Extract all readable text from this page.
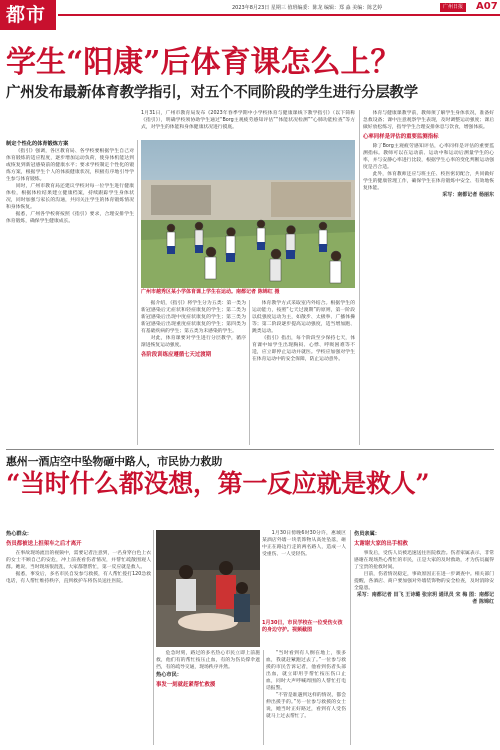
都市	2023年8月23日 星期三 值班编委：陈龙 编辑：郑 淼 美编：陈艺婷	广州日报	A07
学生“阳康”后体育课怎么上？
广州发布最新体育教学指引，对五个不同阶段的学生进行分层教学
制定个性化的体育锻炼方案

《指引》强调，各区教育局、各学校要根据学生自己对体育锻炼的适应程度，逐步增加运动负荷，使身体机能达到或恢复到新冠感染前的健康水平；要求学校制定个性化的锻炼方案，根据学生个人的体质健康状况，积极有序地引导学生参与体育锻炼。

同时，广州市教育局还建议学校对每一位学生进行健康体检，根据体检结果建立健康档案，持续跟踪学生身体状况，同时加强与家长的沟通，共同关注学生的体育锻炼情况和身体恢复。

据悉，广州各学校将按照《指引》要求，合理安排学生体育锻炼，确保学生健康成长。

1月31日，广州市教育局发布《2023年春季学期中小学校体育与健康课线下教学指引》（以下简称《指引》），明确学校须协助学生通过“Borg主观疲劳感知评估”“体能状况检测”“心肺功能检查”等方式，对学生的体能和身体健康状况进行摸底。

广州市越秀区某小学体育课上学生在运动。南都记者 陈锦红 摄

据介绍，《指引》将学生分为五类：第一类为新冠感染后无症状和轻症康复的学生；第二类为新冠感染后出现中度症状康复的学生；第三类为新冠感染后出现重度症状康复的学生；第四类为有基础疾病的学生；第五类为未感染的学生。

对此，体育课要对学生进行分层教学，循序渐进恢复运动强度。

各阶段训练应遵循七天过渡期

体育教学方式采取室内外结合。根据学生的运动能力，按照“七天过渡期”的原则，第一阶段以低强度运动为主，如散步、太极拳、广播体操等；第二阶段逐步提高运动强度，适当增加跑、跳类运动。

《指引》指出，每个阶段至少保持七天，体育课中如学生出现胸闷、心悸、呼吸困难等不适，应立即停止运动并就医。学校应加强对学生在体育运动中的安全保障，防止运动意外。

体育与健康课教学前，教师须了解学生身体状况，准备好急救设备；课中注意观察学生表现，及时调整运动强度；课后做好放松练习，指导学生合理安排休息与饮食，增强体质。

心率同样是评估的重要监测指标

除了Borg主观疲劳感知评估，心率同样是评估的重要监测指标。教师可以在运动前、运动中和运动后测量学生的心率，并与安静心率进行比较，根据学生心率的变化判断运动强度是否合适。

此外，体育教师还应与班主任、校医密切配合，共同做好学生的健康管理工作，确保学生在体育锻炼中安全、有效地恢复体能。

采写：南都记者 杨丽东

惠州一酒店空中坠物砸中路人，市民协力救助
“当时什么都没想，第一反应就是救人”
热心群众：
伤员都被送上担架车之后才离开

在事故现场流出的视频中，需要记者注意到，一名身穿白色上衣的女士不顾自己的安危，冲上前查看伤者情况，并帮忙疏散围观人群。她说，当时现场很混乱，大家都想帮忙，第一反应就是救人。

据悉，事发后，多名市民自发参与救援，有人帮忙拨打120急救电话，有人帮忙维持秩序，直到救护车将伤员送往医院。

1月30日，市民学校在一位受伤女孩的身边守护。视频截图

1月30日傍晚6时30分许，惠城区某酒店外墙一块装饰物从高处坠落，砸中正在路边行走的两名路人，造成一人受重伤、一人受轻伤。

危急时刻，路过的多名热心市民立即上前施救，他们有的帮忙按压止血，有的为伤员撑伞遮挡，有的疏导交通，现场秩序井然。

热心市民：
事发一刻就赶紧帮忙救援

“当时看到有人倒在地上，很多血，我就赶紧跑过去了。”一位参与救援的市民告诉记者，他看到伤者头部出血，就立即用手帮忙按压伤口止血，同时大声呼喊周围的人帮忙打电话报警。

“不管是谁遇到这样的情况，都会伸出援手的。”另一位参与救援的女士说，她当时正好路过，看到有人受伤就马上过去帮忙了。

伤员亲属：
太谢谢大家的出手相救

事发后，受伤人员被迅速送往医院救治。伤者家属表示，非常感谢在现场热心帮忙的市民，正是大家的及时救助，才为伤员赢得了宝贵的抢救时间。

目前，伤者情况稳定，事故原因正在进一步调查中。相关部门提醒，各酒店、商户要加强对外墙装饰物的安全检查，及时消除安全隐患。

采写：南都记者 田飞 王诗璐 张宗玥 通讯员 宋 梅 图：南都记者 陈锦红
